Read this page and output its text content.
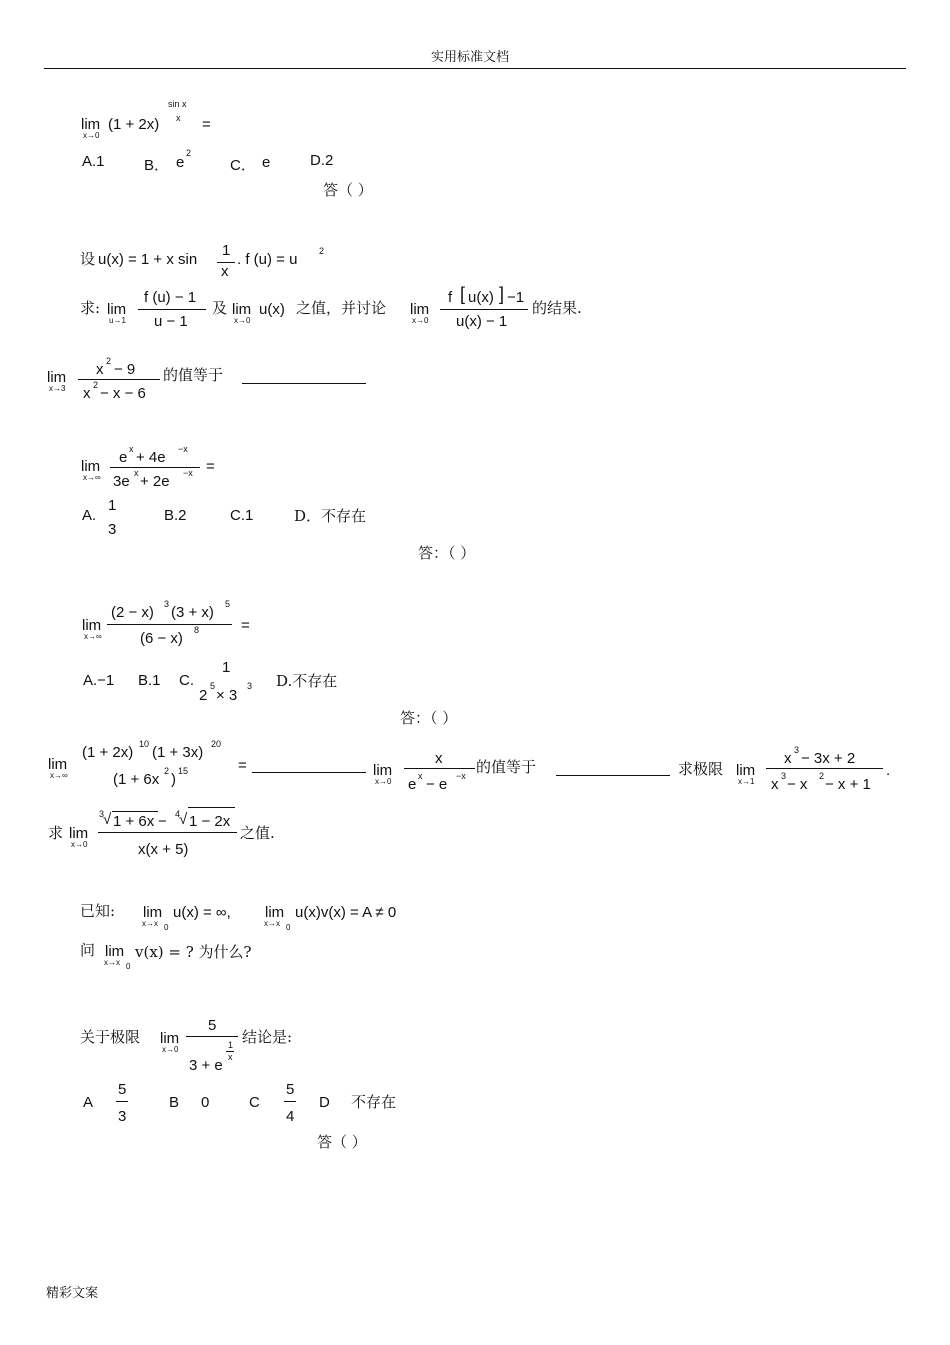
实用标准文档
lim
x→0
(1 + 2x)
sin x
x =
A.1	B． e
2
C． e	D.2
答（ ）
设 u(x) = 1 + x sin
1
x
. f (u) = u 2
求: lim
u→1
f (u) − 1
u − 1
及 lim
x→0
u(x) 之值，并讨论 lim
x→0
f [ u(x) ] −1
u(x) − 1
的结果.
lim
x→3
x 2 − 9
x 2 − x − 6
的值等于
lim
x→∞
e x + 4e −x
3e x + 2e −x =
A.
1
3
B.2	C.1	D．不存在
答：（ ）
lim
x→∞
(2 − x) 3 (3 + x) 5
(6 − x) 8	=
A.−1 B.1 C.
1
2
5
× 3
3 D.不存在
答：（ ）
lim
x→∞
(1 + 2x) 10 (1 + 3x) 20
(1 + 6x 2 ) 15	=	lim
x→0
x
e x − e −x 的值等于	求极限 lim
x→1
x 3 − 3x + 2
x 3 − x 2 − x + 1
.
求 lim
x→0
3
√ 1 + 6x − 4
√ 1 − 2x
x(x + 5)
之值.
已知: lim
x→x 0
u(x) = ∞, lim
x→x 0
u(x)v(x) = A ≠ 0
问 lim
x→x 0
v(x) = ? 为什么?
关于极限 lim
x→0
5
3 + e
1
x
结论是:
A
5
3
B 0	C
5
4
D 不存在
答（ ）
精彩文案
